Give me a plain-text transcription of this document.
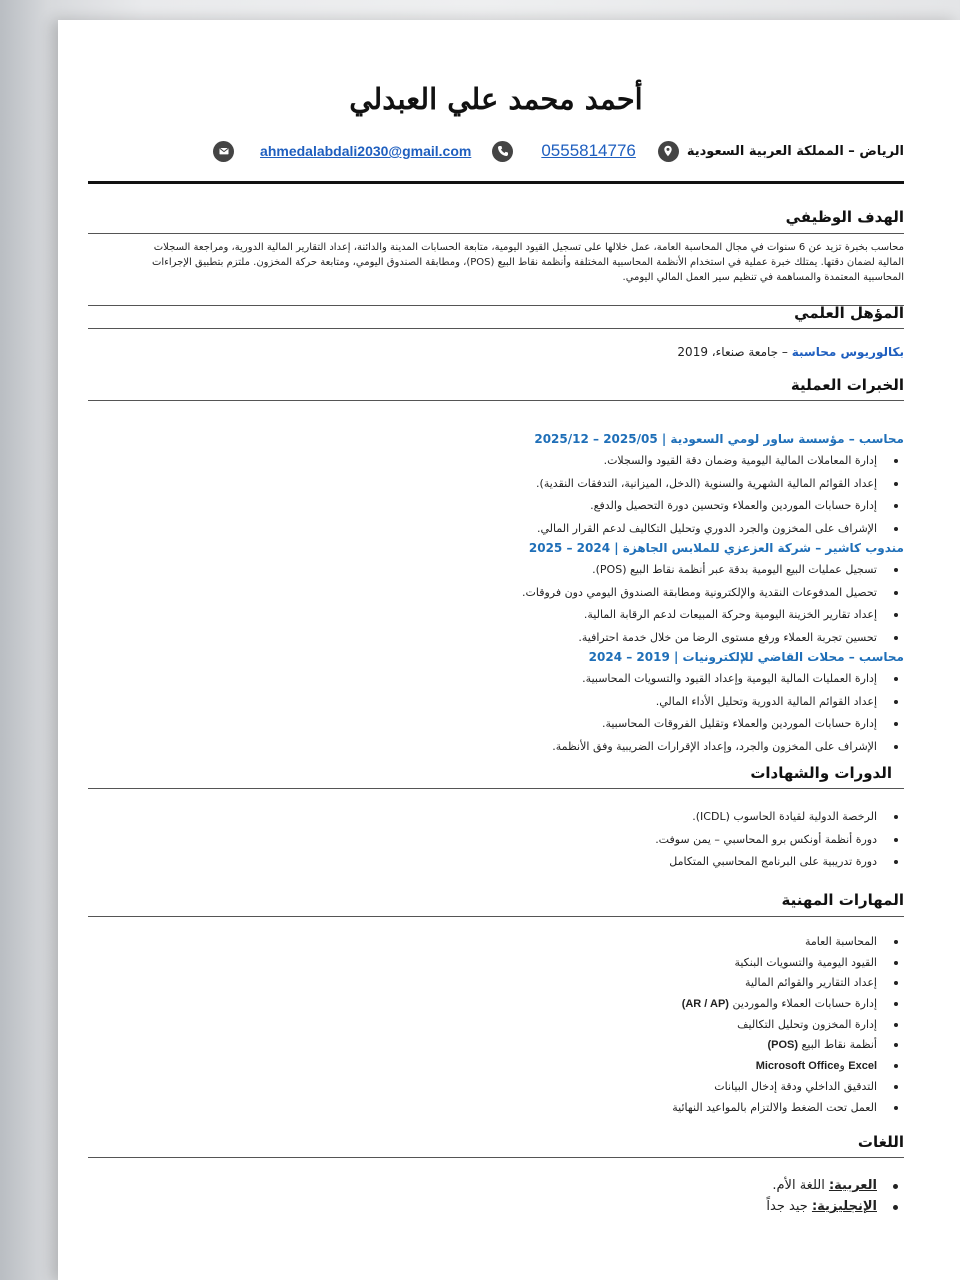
أحمد محمد علي العبدلي
الرياض – المملكة العربية السعودية
0555814776
ahmedalabdali2030@gmail.com
الهدف الوظيفي
محاسب بخبرة تزيد عن 6 سنوات في مجال المحاسبة العامة، عمل خلالها على تسجيل القيود اليومية، متابعة الحسابات المدينة والدائنة، إعداد التقارير المالية الدورية، ومراجعة السجلات
المالية لضمان دقتها. يمتلك خبرة عملية في استخدام الأنظمة المحاسبية المختلفة وأنظمة نقاط البيع (POS)، ومطابقة الصندوق اليومي، ومتابعة حركة المخزون. ملتزم بتطبيق الإجراءات
المحاسبية المعتمدة والمساهمة في تنظيم سير العمل المالي اليومي.
المؤهل العلمي
بكالوريوس محاسبة – جامعة صنعاء، 2019
الخبرات العملية
محاسب – مؤسسة ساور لومي السعودية | 2025/05 – 2025/12
إدارة المعاملات المالية اليومية وضمان دقة القيود والسجلات.
إعداد القوائم المالية الشهرية والسنوية (الدخل، الميزانية، التدفقات النقدية).
إدارة حسابات الموردين والعملاء وتحسين دورة التحصيل والدفع.
الإشراف على المخزون والجرد الدوري وتحليل التكاليف لدعم القرار المالي.
مندوب كاشير – شركة العزعزي للملابس الجاهزة | 2024 – 2025
تسجيل عمليات البيع اليومية بدقة عبر أنظمة نقاط البيع (POS).
تحصيل المدفوعات النقدية والإلكترونية ومطابقة الصندوق اليومي دون فروقات.
إعداد تقارير الخزينة اليومية وحركة المبيعات لدعم الرقابة المالية.
تحسين تجربة العملاء ورفع مستوى الرضا من خلال خدمة احترافية.
محاسب – محلات القاضي للإلكترونيات | 2019 – 2024
إدارة العمليات المالية اليومية وإعداد القيود والتسويات المحاسبية.
إعداد القوائم المالية الدورية وتحليل الأداء المالي.
إدارة حسابات الموردين والعملاء وتقليل الفروقات المحاسبية.
الإشراف على المخزون والجرد، وإعداد الإقرارات الضريبية وفق الأنظمة.
الدورات والشهادات
الرخصة الدولية لقيادة الحاسوب (ICDL).
دورة أنظمة أونكس برو المحاسبي – يمن سوفت.
دورة تدريبية على البرنامج المحاسبي المتكامل
المهارات المهنية
المحاسبة العامة
القيود اليومية والتسويات البنكية
إعداد التقارير والقوائم المالية
إدارة حسابات العملاء والموردين (AR / AP)
إدارة المخزون وتحليل التكاليف
أنظمة نقاط البيع (POS)
Excel وMicrosoft Office
التدقيق الداخلي ودقة إدخال البيانات
العمل تحت الضغط والالتزام بالمواعيد النهائية
اللغات
العربية: اللغة الأم.
الإنجليزية: جيد جداً
